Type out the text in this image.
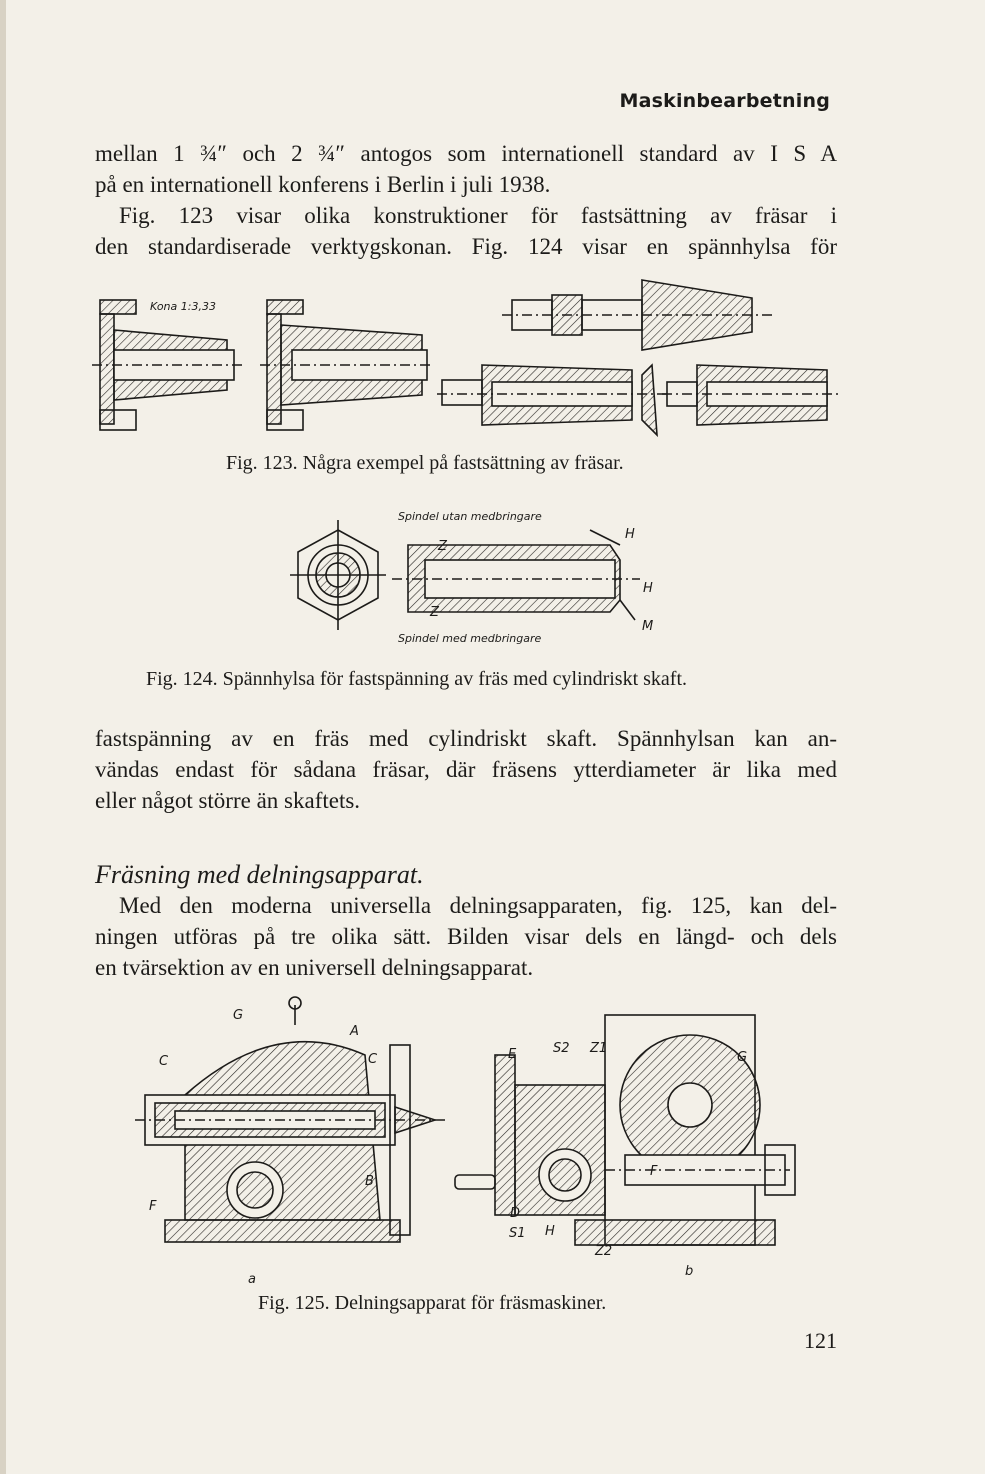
Maskinbearbetning

mellan 1 ¾″ och 2 ¾″ antogos som internationell standard av I S A
på en internationell konferens i Berlin i juli 1938.
Fig. 123 visar olika konstruktioner för fastsättning av fräsar i
den standardiserade verktygskonan. Fig. 124 visar en spännhylsa för

Kona 1:3,33
Fig. 123. Några exempel på fastsättning av fräsar.
Spindel utan medbringare
Spindel med medbringare
Z
Z
H
H
M
Fig. 124. Spännhylsa för fastspänning av fräs med cylindriskt skaft.

fastspänning av en fräs med cylindriskt skaft. Spännhylsan kan an-
vändas endast för sådana fräsar, där fräsens ytterdiameter är lika med
eller något större än skaftets.

Fräsning med delningsapparat.

Med den moderna universella delningsapparaten, fig. 125, kan del-
ningen utföras på tre olika sätt. Bilden visar dels en längd- och dels
en tvärsektion av en universell delningsapparat.

G
A
C	C
B
F
E	S2 Z1
G
F
D
S1 H
Z2
a
b
Fig. 125. Delningsapparat för fräsmaskiner.
121
